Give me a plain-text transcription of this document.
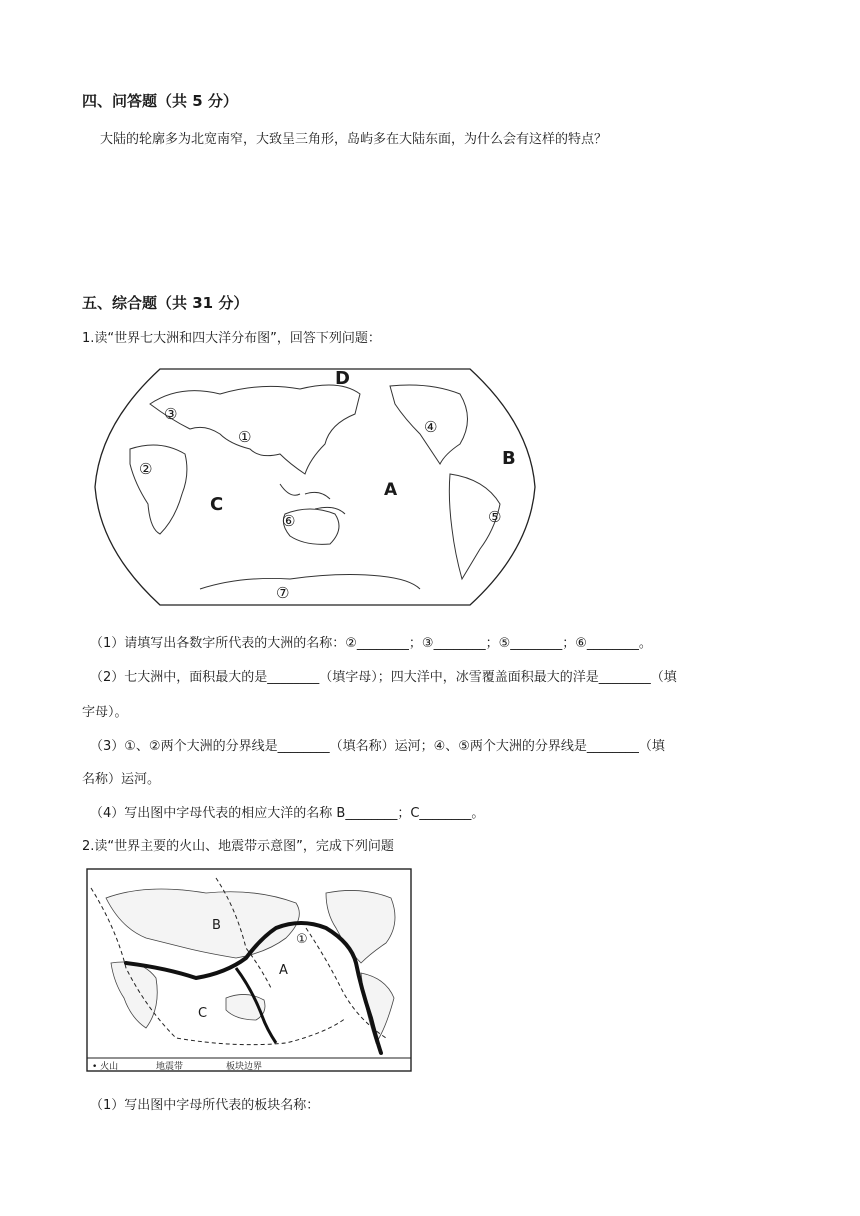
四、问答题（共 5 分）
大陆的轮廓多为北宽南窄，大致呈三角形，岛屿多在大陆东面，为什么会有这样的特点？
五、综合题（共 31 分）
1.读“世界七大洲和四大洋分布图”，回答下列问题：
D
A
B
C
①
②
③
④
⑤
⑥
⑦
（1）请填写出各数字所代表的大洲的名称：②________；③________；⑤________；⑥________。
（2）七大洲中，面积最大的是________（填字母）；四大洋中，冰雪覆盖面积最大的洋是________（填
字母）。
（3）①、②两个大洲的分界线是________（填名称）运河；④、⑤两个大洲的分界线是________（填
名称）运河。
（4）写出图中字母代表的相应大洋的名称 B________；C________。
2.读“世界主要的火山、地震带示意图”，完成下列问题
A
B
C
①
• 火山	地震带	板块边界
（1）写出图中字母所代表的板块名称：
